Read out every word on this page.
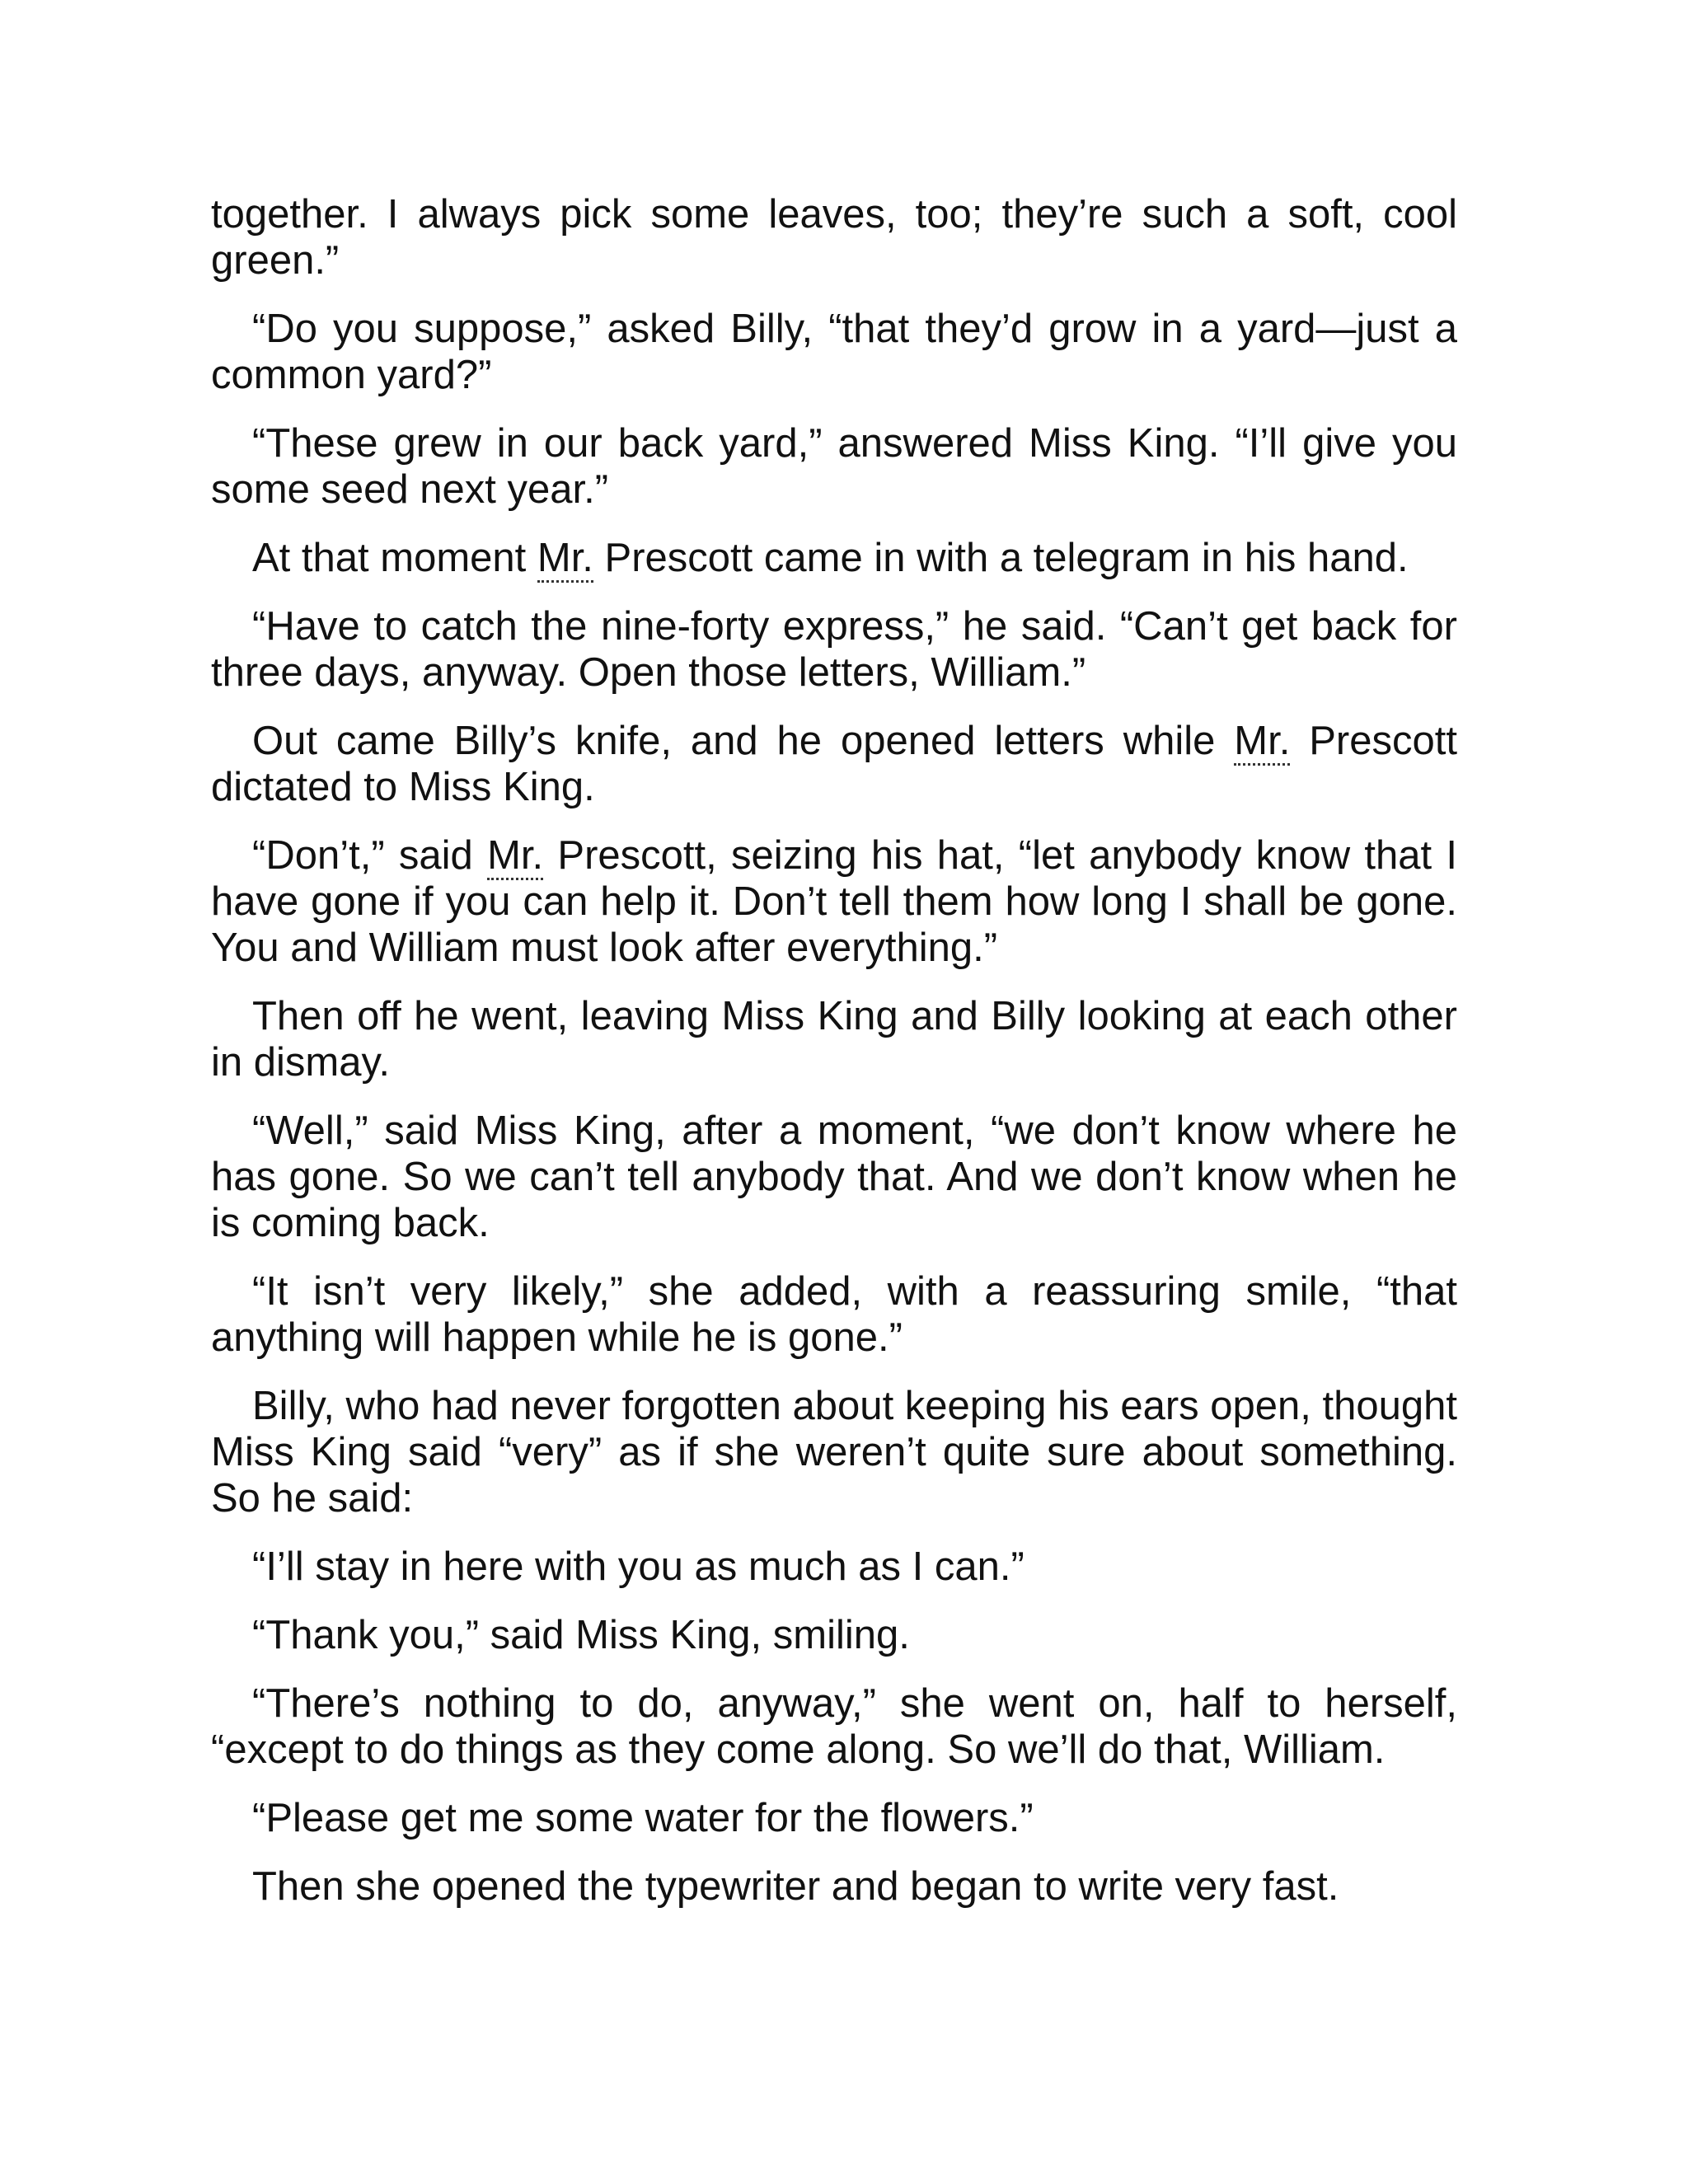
together. I always pick some leaves, too; they’re such a soft, cool green.”

“Do you suppose,” asked Billy, “that they’d grow in a yard—just a common yard?”

“These grew in our back yard,” answered Miss King. “I’ll give you some seed next year.”

At that moment Mr. Prescott came in with a telegram in his hand.

“Have to catch the nine-forty express,” he said. “Can’t get back for three days, anyway. Open those letters, William.”

Out came Billy’s knife, and he opened letters while Mr. Prescott dictated to Miss King.

“Don’t,” said Mr. Prescott, seizing his hat, “let anybody know that I have gone if you can help it. Don’t tell them how long I shall be gone. You and William must look after everything.”

Then off he went, leaving Miss King and Billy looking at each other in dismay.

“Well,” said Miss King, after a moment, “we don’t know where he has gone. So we can’t tell anybody that. And we don’t know when he is coming back.

“It isn’t very likely,” she added, with a reassuring smile, “that anything will happen while he is gone.”

Billy, who had never forgotten about keeping his ears open, thought Miss King said “very” as if she weren’t quite sure about something. So he said:

“I’ll stay in here with you as much as I can.”

“Thank you,” said Miss King, smiling.

“There’s nothing to do, anyway,” she went on, half to herself, “except to do things as they come along. So we’ll do that, William.

“Please get me some water for the flowers.”

Then she opened the typewriter and began to write very fast.
